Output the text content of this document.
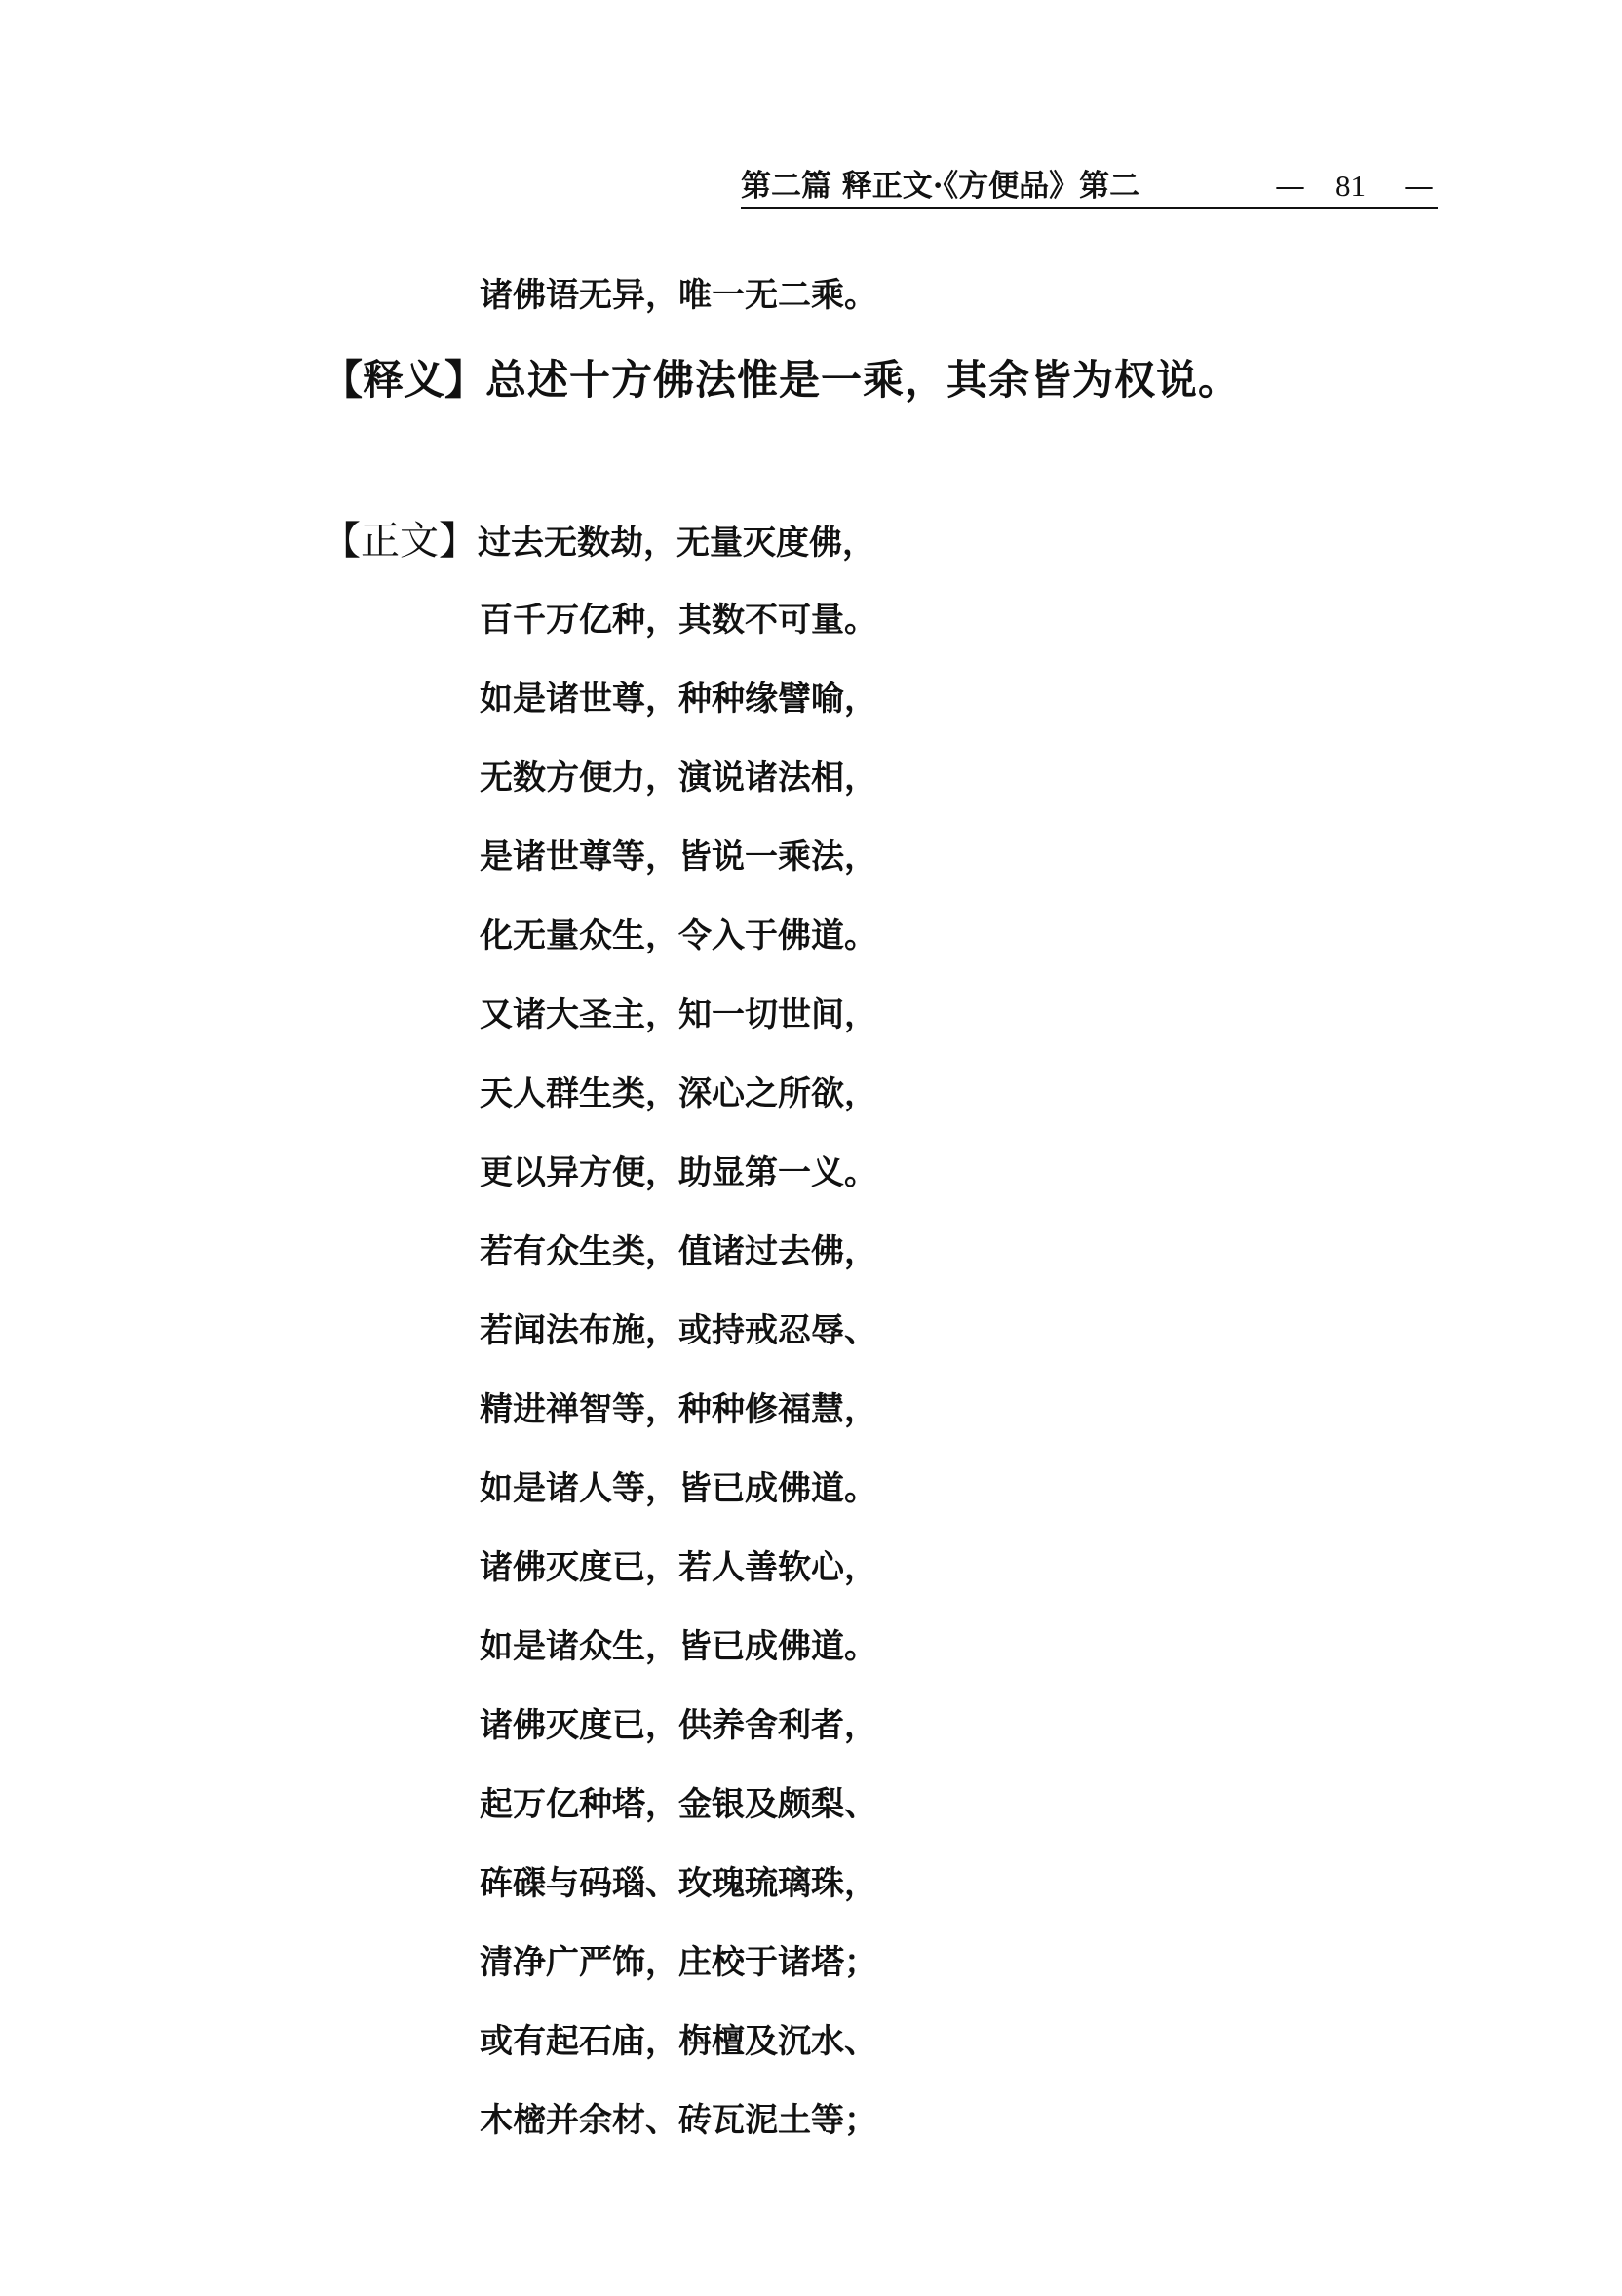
第二篇 释正文·《方便品》第二	— 81 —
诸佛语无异，唯一无二乘。
【释义】总述十方佛法惟是一乘，其余皆为权说。
【正文】过去无数劫，无量灭度佛，
百千万亿种，其数不可量。
如是诸世尊，种种缘譬喻，
无数方便力，演说诸法相，
是诸世尊等，皆说一乘法，
化无量众生，令入于佛道。
又诸大圣主，知一切世间，
天人群生类，深心之所欲，
更以异方便，助显第一义。
若有众生类，值诸过去佛，
若闻法布施，或持戒忍辱、
精进禅智等，种种修福慧，
如是诸人等，皆已成佛道。
诸佛灭度已，若人善软心，
如是诸众生，皆已成佛道。
诸佛灭度已，供养舍利者，
起万亿种塔，金银及颇梨、
砗磲与码瑙、玫瑰琉璃珠，
清净广严饰，庄校于诸塔；
或有起石庙，栴檀及沉水、
木樒并余材、砖瓦泥土等；
